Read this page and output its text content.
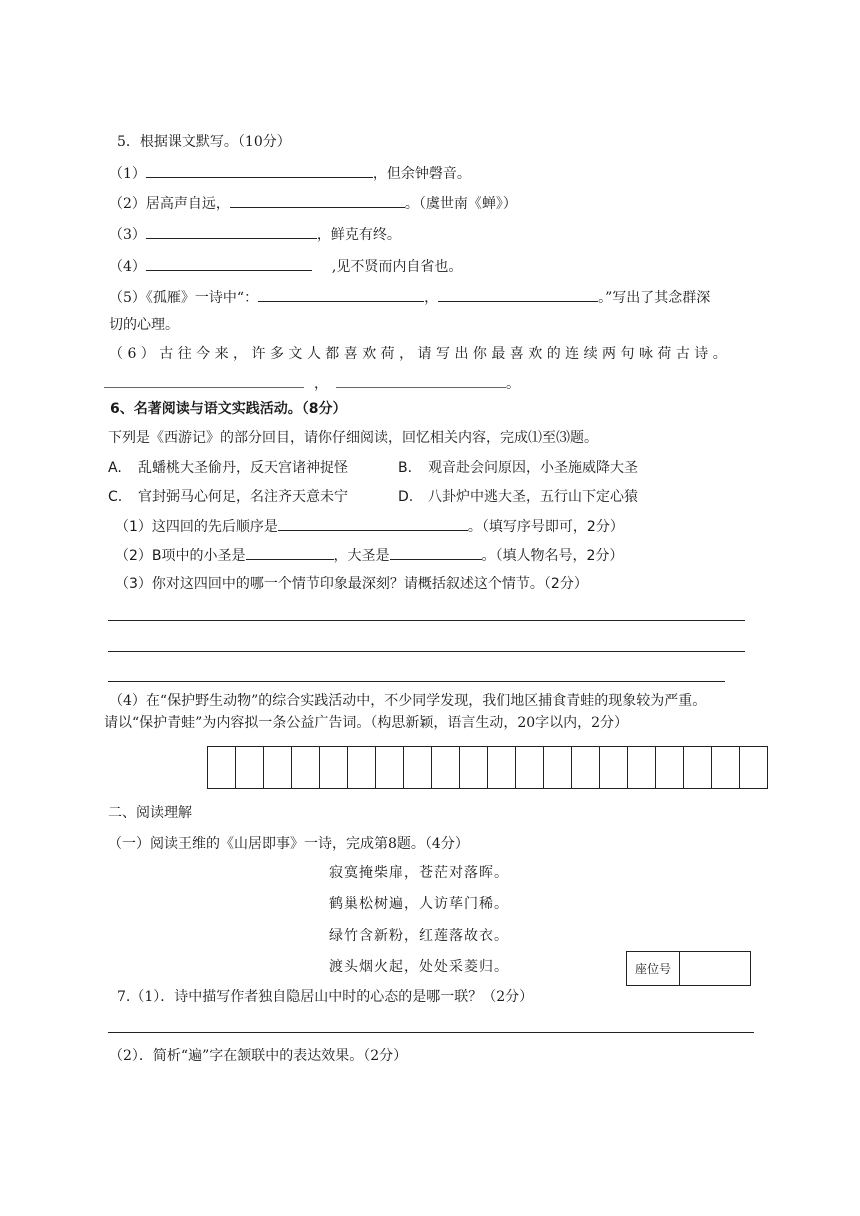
5．根据课文默写。（10分）
（1）	，但余钟磬音。
（2）居高声自远，	。（虞世南《蝉》）
（3）	，鲜克有终。
（4）	,见不贤而内自省也。
（5）《孤雁》一诗中“：	，	。”写出了其念群深
切的心理。
（ 6 ） 古 往 今 来 ， 许 多 文 人 都 喜 欢 荷 ， 请 写 出 你 最 喜 欢 的 连 续 两 句 咏 荷 古 诗 。
，	。
6、名著阅读与语文实践活动。（8分）
下列是《西游记》的部分回目，请你仔细阅读，回忆相关内容，完成⑴至⑶题。
A. 乱蟠桃大圣偷丹，反天宫诸神捉怪	B. 观音赴会问原因，小圣施威降大圣
C. 官封弼马心何足，名注齐天意未宁	D. 八卦炉中逃大圣，五行山下定心猿
（1）这四回的先后顺序是	。（填写序号即可，2分）
（2）B项中的小圣是	，大圣是	。（填人物名号，2分）
（3）你对这四回中的哪一个情节印象最深刻？请概括叙述这个情节。（2分）
（4）在“保护野生动物”的综合实践活动中，不少同学发现，我们地区捕食青蛙的现象较为严重。
请以“保护青蛙”为内容拟一条公益广告词。（构思新颖，语言生动，20字以内，2分）
二、阅读理解
（一）阅读王维的《山居即事》一诗，完成第8题。（4分）
寂寞掩柴扉，苍茫对落晖。
鹤巢松树遍，人访荜门稀。
绿竹含新粉，红莲落故衣。
渡头烟火起，处处采菱归。	座位号
7.（1）．诗中描写作者独自隐居山中时的心态的是哪一联？（2分）
（2）．简析“遍”字在颔联中的表达效果。（2分）
